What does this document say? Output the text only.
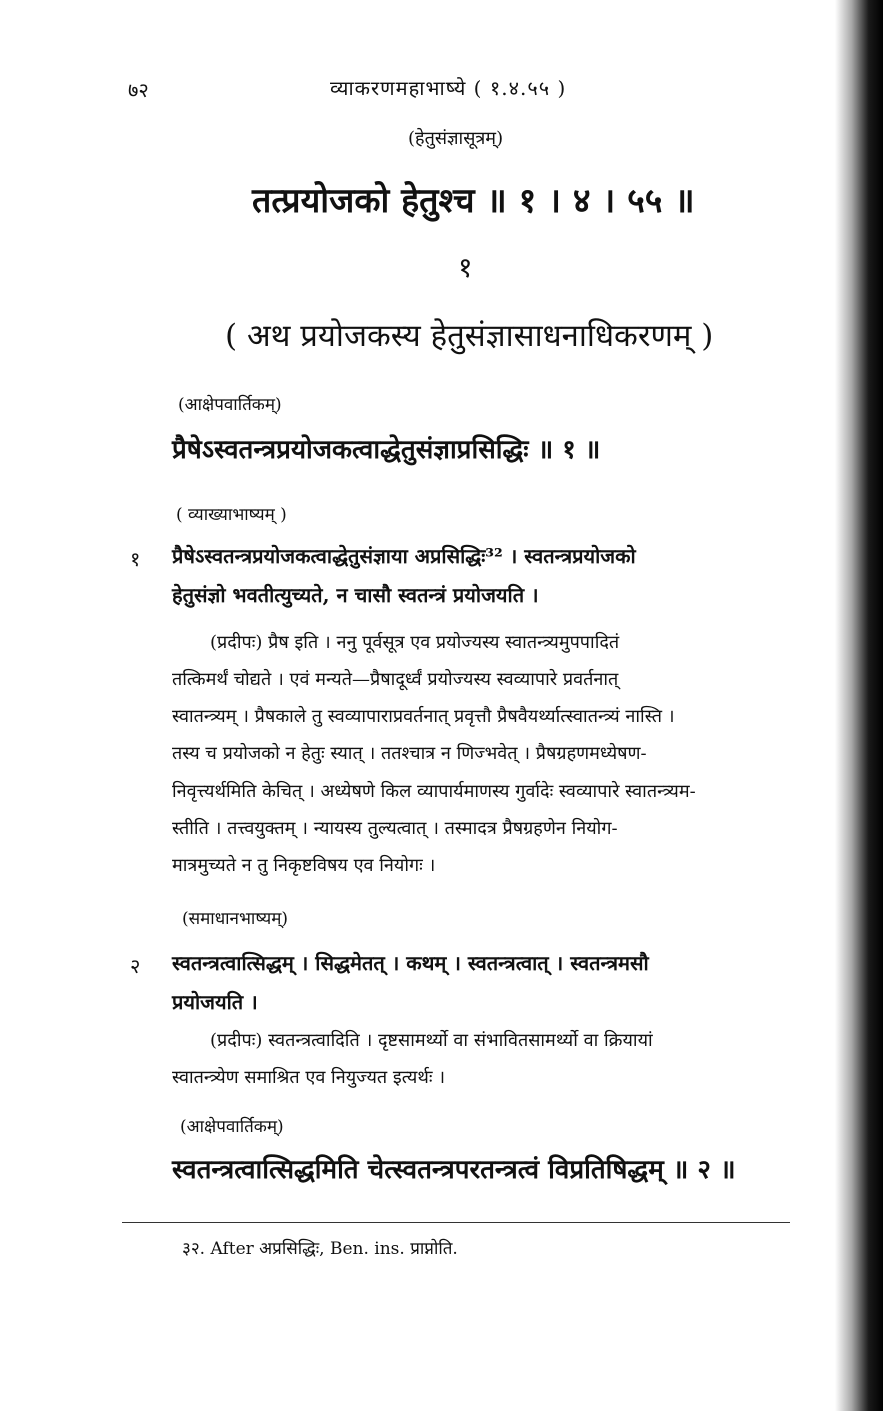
७२	व्याकरणमहाभाष्ये ( १.४.५५ )
(हेतुसंज्ञासूत्रम्)
तत्प्रयोजको हेतुश्च ॥ १ । ४ । ५५ ॥
१
( अथ प्रयोजकस्य हेतुसंज्ञासाधनाधिकरणम् )
(आक्षेपवार्तिकम्)
प्रैषेऽस्वतन्त्रप्रयोजकत्वाद्धेतुसंज्ञाप्रसिद्धिः ॥ १ ॥
( व्याख्याभाष्यम् )
१ प्रैषेऽस्वतन्त्रप्रयोजकत्वाद्धेतुसंज्ञाया अप्रसिद्धिः³² । स्वतन्त्रप्रयोजको
हेतुसंज्ञो भवतीत्युच्यते, न चासौ स्वतन्त्रं प्रयोजयति ।
(प्रदीपः) प्रैष इति । ननु पूर्वसूत्र एव प्रयोज्यस्य स्वातन्त्र्यमुपपादितं
तत्किमर्थं चोद्यते । एवं मन्यते—प्रैषादूर्ध्वं प्रयोज्यस्य स्वव्यापारे प्रवर्तनात्
स्वातन्त्र्यम् । प्रैषकाले तु स्वव्यापाराप्रवर्तनात् प्रवृत्तौ प्रैषवैयर्थ्यात्स्वातन्त्र्यं नास्ति ।
तस्य च प्रयोजको न हेतुः स्यात् । ततश्चात्र न णिज्भवेत् । प्रैषग्रहणमध्येषण-
निवृत्त्यर्थमिति केचित् । अध्येषणे किल व्यापार्यमाणस्य गुर्वादेः स्वव्यापारे स्वातन्त्र्यम-
स्तीति । तत्त्वयुक्तम् । न्यायस्य तुल्यत्वात् । तस्मादत्र प्रैषग्रहणेन नियोग-
मात्रमुच्यते न तु निकृष्टविषय एव नियोगः ।
(समाधानभाष्यम्)
२ स्वतन्त्रत्वात्सिद्धम् । सिद्धमेतत् । कथम् । स्वतन्त्रत्वात् । स्वतन्त्रमसौ
प्रयोजयति ।
(प्रदीपः) स्वतन्त्रत्वादिति । दृष्टसामर्थ्यो वा संभावितसामर्थ्यो वा क्रियायां
स्वातन्त्र्येण समाश्रित एव नियुज्यत इत्यर्थः ।
(आक्षेपवार्तिकम्)
स्वतन्त्रत्वात्सिद्धमिति चेत्स्वतन्त्रपरतन्त्रत्वं विप्रतिषिद्धम् ॥ २ ॥
३२. After अप्रसिद्धिः, Ben. ins. प्राप्नोति.
